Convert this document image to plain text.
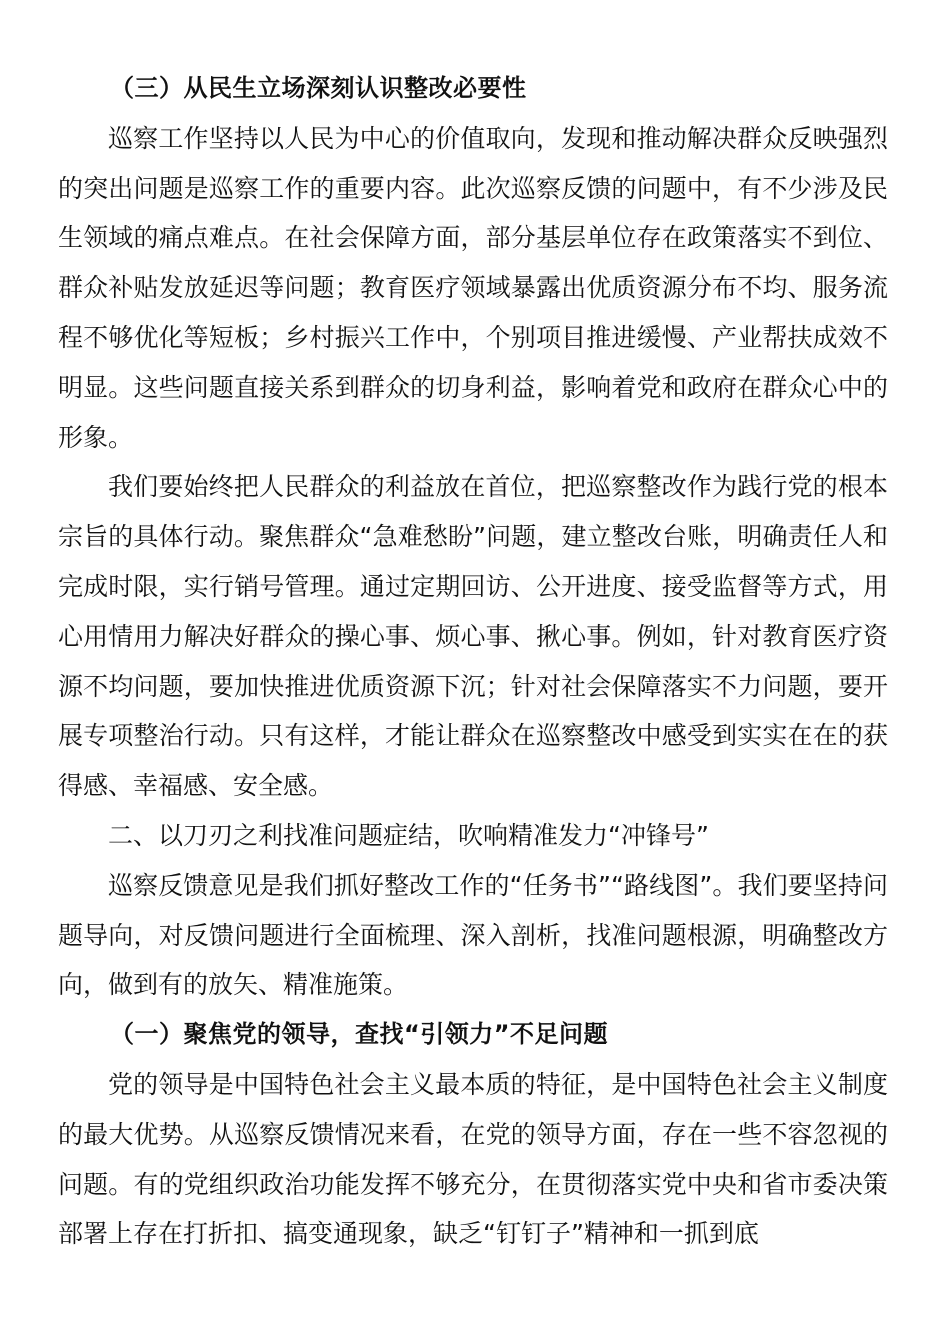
（三）从民生立场深刻认识整改必要性

巡察工作坚持以人民为中心的价值取向，发现和推动解决群众反映强烈的突出问题是巡察工作的重要内容。此次巡察反馈的问题中，有不少涉及民生领域的痛点难点。在社会保障方面，部分基层单位存在政策落实不到位、群众补贴发放延迟等问题；教育医疗领域暴露出优质资源分布不均、服务流程不够优化等短板；乡村振兴工作中，个别项目推进缓慢、产业帮扶成效不明显。这些问题直接关系到群众的切身利益，影响着党和政府在群众心中的形象。

我们要始终把人民群众的利益放在首位，把巡察整改作为践行党的根本宗旨的具体行动。聚焦群众“急难愁盼”问题，建立整改台账，明确责任人和完成时限，实行销号管理。通过定期回访、公开进度、接受监督等方式，用心用情用力解决好群众的操心事、烦心事、揪心事。例如，针对教育医疗资源不均问题，要加快推进优质资源下沉；针对社会保障落实不力问题，要开展专项整治行动。只有这样，才能让群众在巡察整改中感受到实实在在的获得感、幸福感、安全感。

二、以刀刃之利找准问题症结，吹响精准发力“冲锋号”

巡察反馈意见是我们抓好整改工作的“任务书”“路线图”。我们要坚持问题导向，对反馈问题进行全面梳理、深入剖析，找准问题根源，明确整改方向，做到有的放矢、精准施策。

（一）聚焦党的领导，查找“引领力”不足问题

党的领导是中国特色社会主义最本质的特征，是中国特色社会主义制度的最大优势。从巡察反馈情况来看，在党的领导方面，存在一些不容忽视的问题。有的党组织政治功能发挥不够充分，在贯彻落实党中央和省市委决策部署上存在打折扣、搞变通现象，缺乏“钉钉子”精神和一抓到底
